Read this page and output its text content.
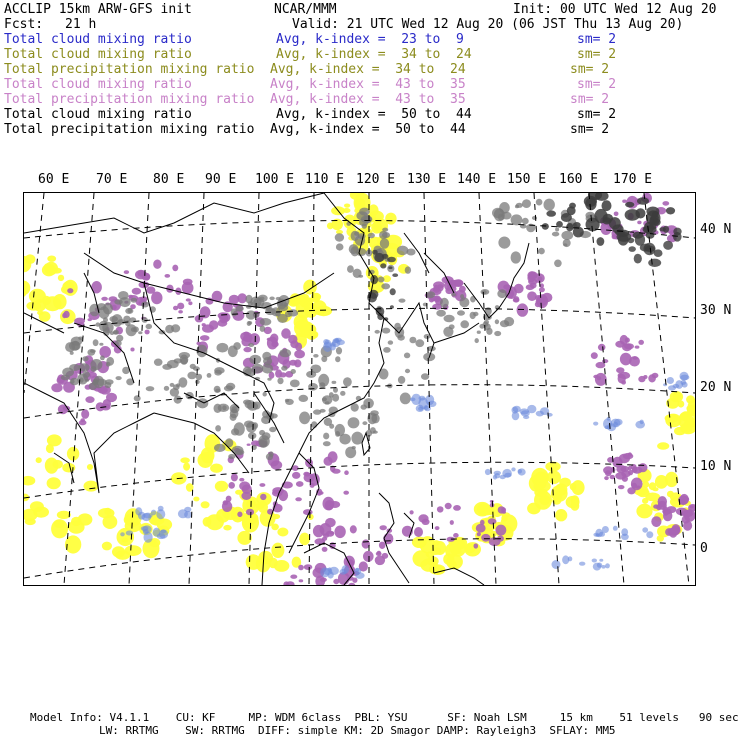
ACCLIP 15km ARW-GFS init	NCAR/MMM	Init: 00 UTC Wed 12 Aug 20
Fcst: 21 h	Valid: 21 UTC Wed 12 Aug 20 (06 JST Thu 13 Aug 20)
Total cloud mixing ratio	Avg, k-index =  23 to  9	sm= 2
Total cloud mixing ratio	Avg, k-index =  34 to  24	sm= 2
Total precipitation mixing ratio Avg, k-index =  34 to  24	sm= 2
Total cloud mixing ratio	Avg, k-index =  43 to  35	sm= 2
Total precipitation mixing ratio Avg, k-index =  43 to  35	sm= 2
Total cloud mixing ratio	Avg, k-index =  50 to  44	sm= 2
Total precipitation mixing ratio Avg, k-index =  50 to  44	sm= 2
60 E 70 E 80 E 90 E 100 E 110 E 120 E 130 E 140 E 150 E 160 E 170 E
40 N
30 N
20 N
10 N
0
Model Info: V4.1.1    CU: KF     MP: WDM 6class  PBL: YSU      SF: Noah LSM     15 km    51 levels   90 sec
LW: RRTMG    SW: RRTMG  DIFF: simple KM: 2D Smagor DAMP: Rayleigh3  SFLAY: MM5
